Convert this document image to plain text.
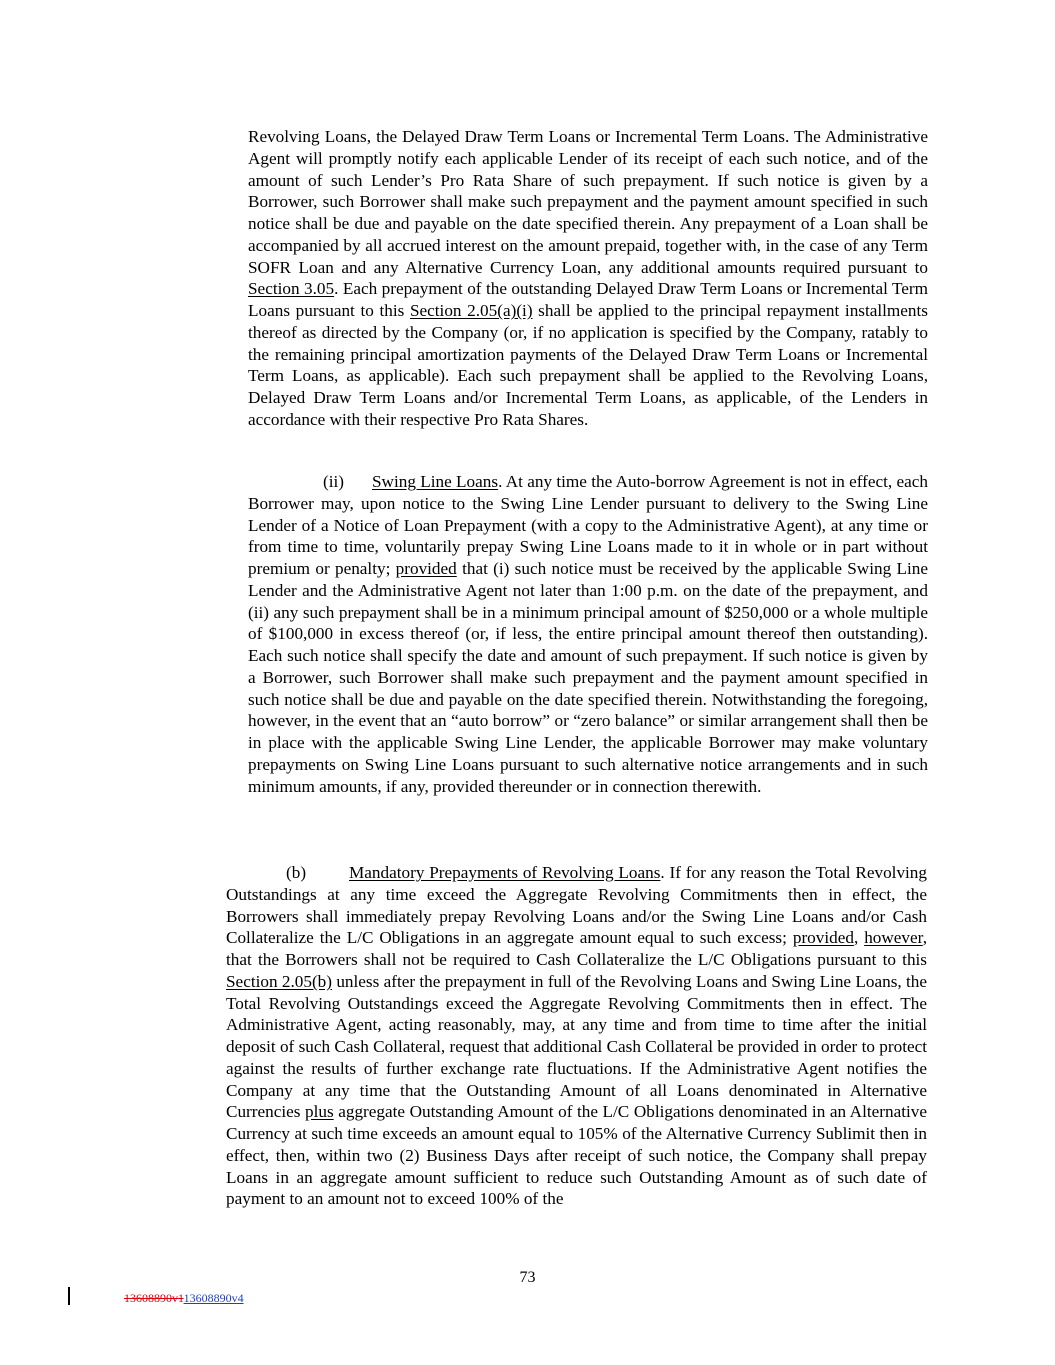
Revolving Loans, the Delayed Draw Term Loans or Incremental Term Loans. The Administrative Agent will promptly notify each applicable Lender of its receipt of each such notice, and of the amount of such Lender’s Pro Rata Share of such prepayment. If such notice is given by a Borrower, such Borrower shall make such prepayment and the payment amount specified in such notice shall be due and payable on the date specified therein. Any prepayment of a Loan shall be accompanied by all accrued interest on the amount prepaid, together with, in the case of any Term SOFR Loan and any Alternative Currency Loan, any additional amounts required pursuant to Section 3.05. Each prepayment of the outstanding Delayed Draw Term Loans or Incremental Term Loans pursuant to this Section 2.05(a)(i) shall be applied to the principal repayment installments thereof as directed by the Company (or, if no application is specified by the Company, ratably to the remaining principal amortization payments of the Delayed Draw Term Loans or Incremental Term Loans, as applicable). Each such prepayment shall be applied to the Revolving Loans, Delayed Draw Term Loans and/or Incremental Term Loans, as applicable, of the Lenders in accordance with their respective Pro Rata Shares.

(ii) Swing Line Loans. At any time the Auto-borrow Agreement is not in effect, each Borrower may, upon notice to the Swing Line Lender pursuant to delivery to the Swing Line Lender of a Notice of Loan Prepayment (with a copy to the Administrative Agent), at any time or from time to time, voluntarily prepay Swing Line Loans made to it in whole or in part without premium or penalty; provided that (i) such notice must be received by the applicable Swing Line Lender and the Administrative Agent not later than 1:00 p.m. on the date of the prepayment, and (ii) any such prepayment shall be in a minimum principal amount of $250,000 or a whole multiple of $100,000 in excess thereof (or, if less, the entire principal amount thereof then outstanding). Each such notice shall specify the date and amount of such prepayment. If such notice is given by a Borrower, such Borrower shall make such prepayment and the payment amount specified in such notice shall be due and payable on the date specified therein. Notwithstanding the foregoing, however, in the event that an “auto borrow” or “zero balance” or similar arrangement shall then be in place with the applicable Swing Line Lender, the applicable Borrower may make voluntary prepayments on Swing Line Loans pursuant to such alternative notice arrangements and in such minimum amounts, if any, provided thereunder or in connection therewith.

(b) Mandatory Prepayments of Revolving Loans. If for any reason the Total Revolving Outstandings at any time exceed the Aggregate Revolving Commitments then in effect, the Borrowers shall immediately prepay Revolving Loans and/or the Swing Line Loans and/or Cash Collateralize the L/C Obligations in an aggregate amount equal to such excess; provided, however, that the Borrowers shall not be required to Cash Collateralize the L/C Obligations pursuant to this Section 2.05(b) unless after the prepayment in full of the Revolving Loans and Swing Line Loans, the Total Revolving Outstandings exceed the Aggregate Revolving Commitments then in effect. The Administrative Agent, acting reasonably, may, at any time and from time to time after the initial deposit of such Cash Collateral, request that additional Cash Collateral be provided in order to protect against the results of further exchange rate fluctuations. If the Administrative Agent notifies the Company at any time that the Outstanding Amount of all Loans denominated in Alternative Currencies plus aggregate Outstanding Amount of the L/C Obligations denominated in an Alternative Currency at such time exceeds an amount equal to 105% of the Alternative Currency Sublimit then in effect, then, within two (2) Business Days after receipt of such notice, the Company shall prepay Loans in an aggregate amount sufficient to reduce such Outstanding Amount as of such date of payment to an amount not to exceed 100% of the

73
13608890v113608890v4
